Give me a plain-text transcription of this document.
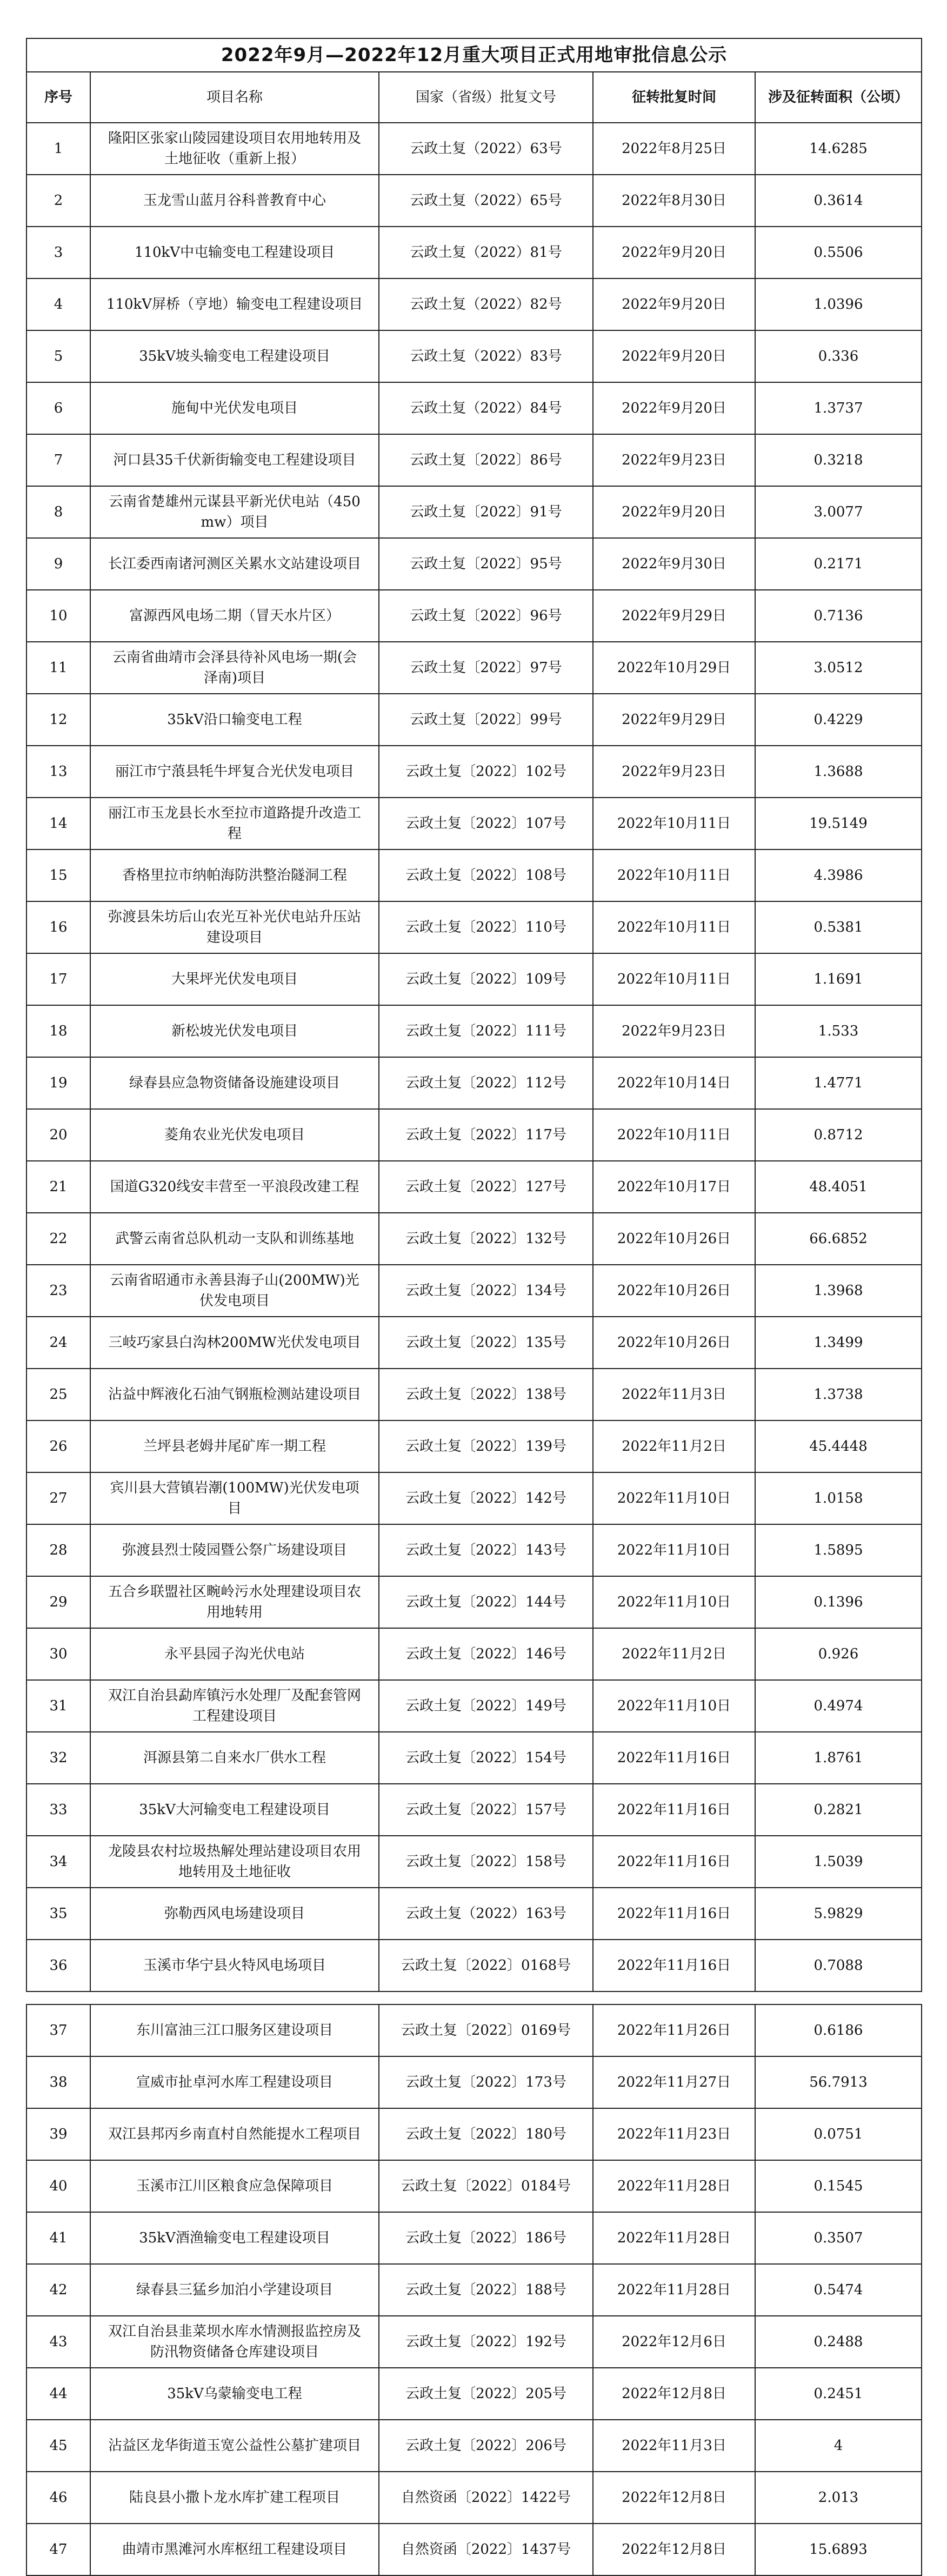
2022年9月—2022年12月重大项目正式用地审批信息公示				
序号	项目名称	国家（省级）批复文号	征转批复时间	涉及征转面积（公顷）
1	隆阳区张家山陵园建设项目农用地转用及土地征收（重新上报）	云政土复（2022）63号	2022年8月25日	14.6285
2	玉龙雪山蓝月谷科普教育中心	云政土复（2022）65号	2022年8月30日	0.3614
3	110kV中屯输变电工程建设项目	云政土复（2022）81号	2022年9月20日	0.5506
4	110kV屏桥（亨地）输变电工程建设项目	云政土复（2022）82号	2022年9月20日	1.0396
5	35kV坡头输变电工程建设项目	云政土复（2022）83号	2022年9月20日	0.336
6	施甸中光伏发电项目	云政土复（2022）84号	2022年9月20日	1.3737
7	河口县35千伏新街输变电工程建设项目	云政土复〔2022〕86号	2022年9月23日	0.3218
8	云南省楚雄州元谋县平新光伏电站（450mw）项目	云政土复〔2022〕91号	2022年9月20日	3.0077
9	长江委西南诸河测区关累水文站建设项目	云政土复〔2022〕95号	2022年9月30日	0.2171
10	富源西风电场二期（冒天水片区）	云政土复〔2022〕96号	2022年9月29日	0.7136
11	云南省曲靖市会泽县待补风电场一期(会泽南)项目	云政土复〔2022〕97号	2022年10月29日	3.0512
12	35kV沿口输变电工程	云政土复〔2022〕99号	2022年9月29日	0.4229
13	丽江市宁蒗县牦牛坪复合光伏发电项目	云政土复〔2022〕102号	2022年9月23日	1.3688
14	丽江市玉龙县长水至拉市道路提升改造工程	云政土复〔2022〕107号	2022年10月11日	19.5149
15	香格里拉市纳帕海防洪整治隧洞工程	云政土复〔2022〕108号	2022年10月11日	4.3986
16	弥渡县朱坊后山农光互补光伏电站升压站建设项目	云政土复〔2022〕110号	2022年10月11日	0.5381
17	大果坪光伏发电项目	云政土复〔2022〕109号	2022年10月11日	1.1691
18	新松坡光伏发电项目	云政土复〔2022〕111号	2022年9月23日	1.533
19	绿春县应急物资储备设施建设项目	云政土复〔2022〕112号	2022年10月14日	1.4771
20	菱角农业光伏发电项目	云政土复〔2022〕117号	2022年10月11日	0.8712
21	国道G320线安丰营至一平浪段改建工程	云政土复〔2022〕127号	2022年10月17日	48.4051
22	武警云南省总队机动一支队和训练基地	云政土复〔2022〕132号	2022年10月26日	66.6852
23	云南省昭通市永善县海子山(200MW)光伏发电项目	云政土复〔2022〕134号	2022年10月26日	1.3968
24	三岐巧家县白沟林200MW光伏发电项目	云政土复〔2022〕135号	2022年10月26日	1.3499
25	沾益中辉液化石油气钢瓶检测站建设项目	云政土复〔2022〕138号	2022年11月3日	1.3738
26	兰坪县老姆井尾矿库一期工程	云政土复〔2022〕139号	2022年11月2日	45.4448
27	宾川县大营镇岩潮(100MW)光伏发电项目	云政土复〔2022〕142号	2022年11月10日	1.0158
28	弥渡县烈士陵园暨公祭广场建设项目	云政土复〔2022〕143号	2022年11月10日	1.5895
29	五合乡联盟社区畹岭污水处理建设项目农用地转用	云政土复〔2022〕144号	2022年11月10日	0.1396
30	永平县园子沟光伏电站	云政土复〔2022〕146号	2022年11月2日	0.926
31	双江自治县勐库镇污水处理厂及配套管网工程建设项目	云政土复〔2022〕149号	2022年11月10日	0.4974
32	洱源县第二自来水厂供水工程	云政土复〔2022〕154号	2022年11月16日	1.8761
33	35kV大河输变电工程建设项目	云政土复〔2022〕157号	2022年11月16日	0.2821
34	龙陵县农村垃圾热解处理站建设项目农用地转用及土地征收	云政土复〔2022〕158号	2022年11月16日	1.5039
35	弥勒西风电场建设项目	云政土复（2022）163号	2022年11月16日	5.9829
36	玉溪市华宁县火特风电场项目	云政土复〔2022〕0168号	2022年11月16日	0.7088
37	东川富油三江口服务区建设项目	云政土复〔2022〕0169号	2022年11月26日	0.6186
38	宣威市扯卓河水库工程建设项目	云政土复〔2022〕173号	2022年11月27日	56.7913
39	双江县邦丙乡南直村自然能提水工程项目	云政土复〔2022〕180号	2022年11月23日	0.0751
40	玉溪市江川区粮食应急保障项目	云政土复〔2022〕0184号	2022年11月28日	0.1545
41	35kV酒渔输变电工程建设项目	云政土复〔2022〕186号	2022年11月28日	0.3507
42	绿春县三猛乡加泊小学建设项目	云政土复〔2022〕188号	2022年11月28日	0.5474
43	双江自治县韭菜坝水库水情测报监控房及防汛物资储备仓库建设项目	云政土复〔2022〕192号	2022年12月6日	0.2488
44	35kV乌蒙输变电工程	云政土复〔2022〕205号	2022年12月8日	0.2451
45	沾益区龙华街道玉宽公益性公墓扩建项目	云政土复〔2022〕206号	2022年11月3日	4
46	陆良县小撒卜龙水库扩建工程项目	自然资函〔2022〕1422号	2022年12月8日	2.013
47	曲靖市黑滩河水库枢纽工程建设项目	自然资函〔2022〕1437号	2022年12月8日	15.6893
